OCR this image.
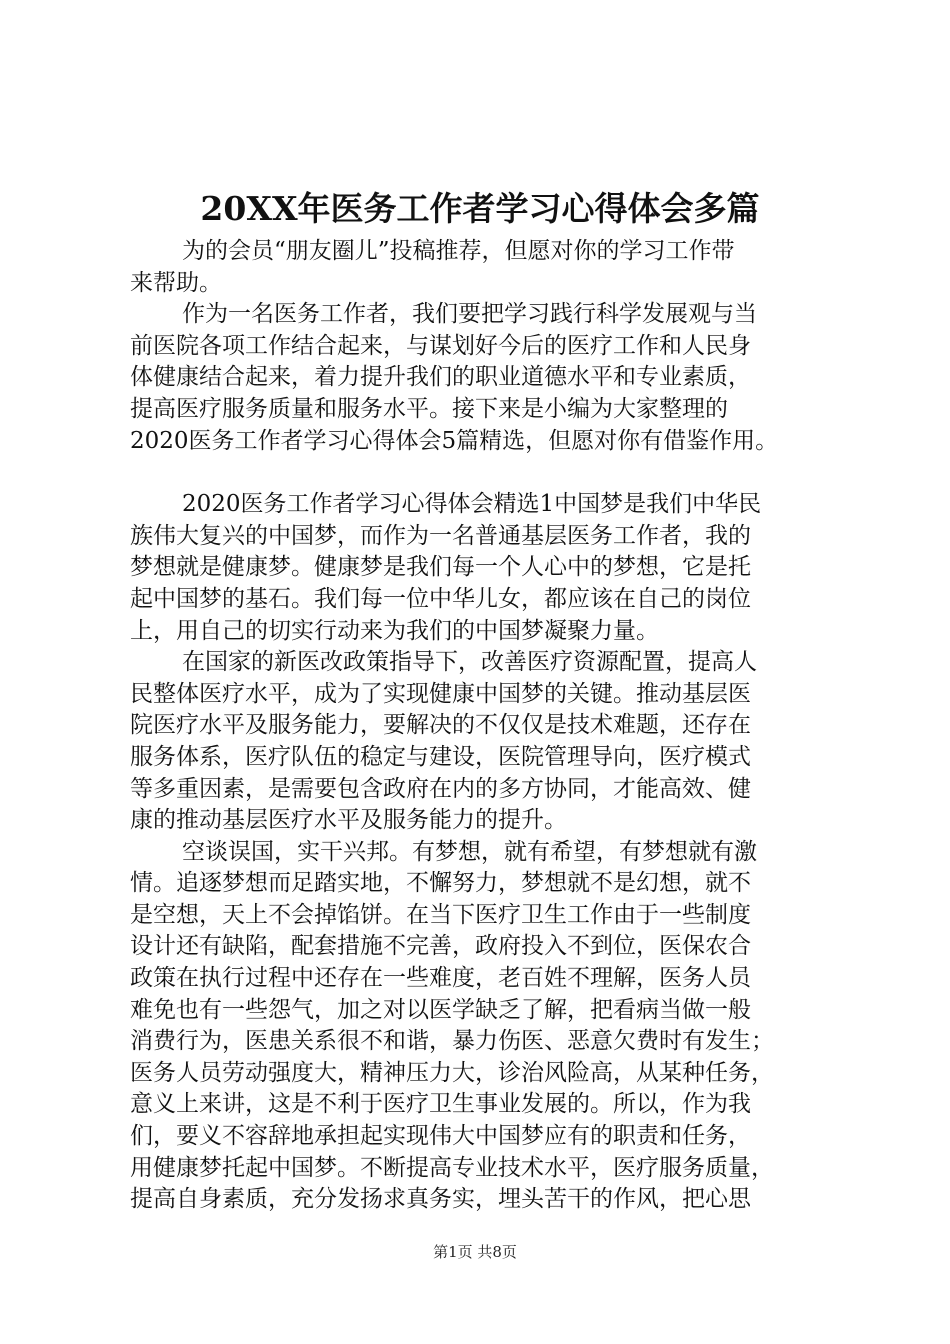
20XX年医务工作者学习心得体会多篇
为的会员“朋友圈儿”投稿推荐，但愿对你的学习工作带
来帮助。
作为一名医务工作者，我们要把学习践行科学发展观与当
前医院各项工作结合起来，与谋划好今后的医疗工作和人民身
体健康结合起来，着力提升我们的职业道德水平和专业素质，
提高医疗服务质量和服务水平。接下来是小编为大家整理的
2020医务工作者学习心得体会5篇精选，但愿对你有借鉴作用。
2020医务工作者学习心得体会精选1中国梦是我们中华民
族伟大复兴的中国梦，而作为一名普通基层医务工作者，我的
梦想就是健康梦。健康梦是我们每一个人心中的梦想，它是托
起中国梦的基石。我们每一位中华儿女，都应该在自己的岗位
上，用自己的切实行动来为我们的中国梦凝聚力量。
在国家的新医改政策指导下，改善医疗资源配置，提高人
民整体医疗水平，成为了实现健康中国梦的关键。推动基层医
院医疗水平及服务能力，要解决的不仅仅是技术难题，还存在
服务体系，医疗队伍的稳定与建设，医院管理导向，医疗模式
等多重因素，是需要包含政府在内的多方协同，才能高效、健
康的推动基层医疗水平及服务能力的提升。
空谈误国，实干兴邦。有梦想，就有希望，有梦想就有激
情。追逐梦想而足踏实地，不懈努力，梦想就不是幻想，就不
是空想，天上不会掉馅饼。在当下医疗卫生工作由于一些制度
设计还有缺陷，配套措施不完善，政府投入不到位，医保农合
政策在执行过程中还存在一些难度，老百姓不理解，医务人员
难免也有一些怨气，加之对以医学缺乏了解，把看病当做一般
消费行为，医患关系很不和谐，暴力伤医、恶意欠费时有发生；
医务人员劳动强度大，精神压力大，诊治风险高，从某种任务，
意义上来讲，这是不利于医疗卫生事业发展的。所以，作为我
们，要义不容辞地承担起实现伟大中国梦应有的职责和任务，
用健康梦托起中国梦。不断提高专业技术水平，医疗服务质量，
提高自身素质，充分发扬求真务实，埋头苦干的作风，把心思
第1页 共8页
